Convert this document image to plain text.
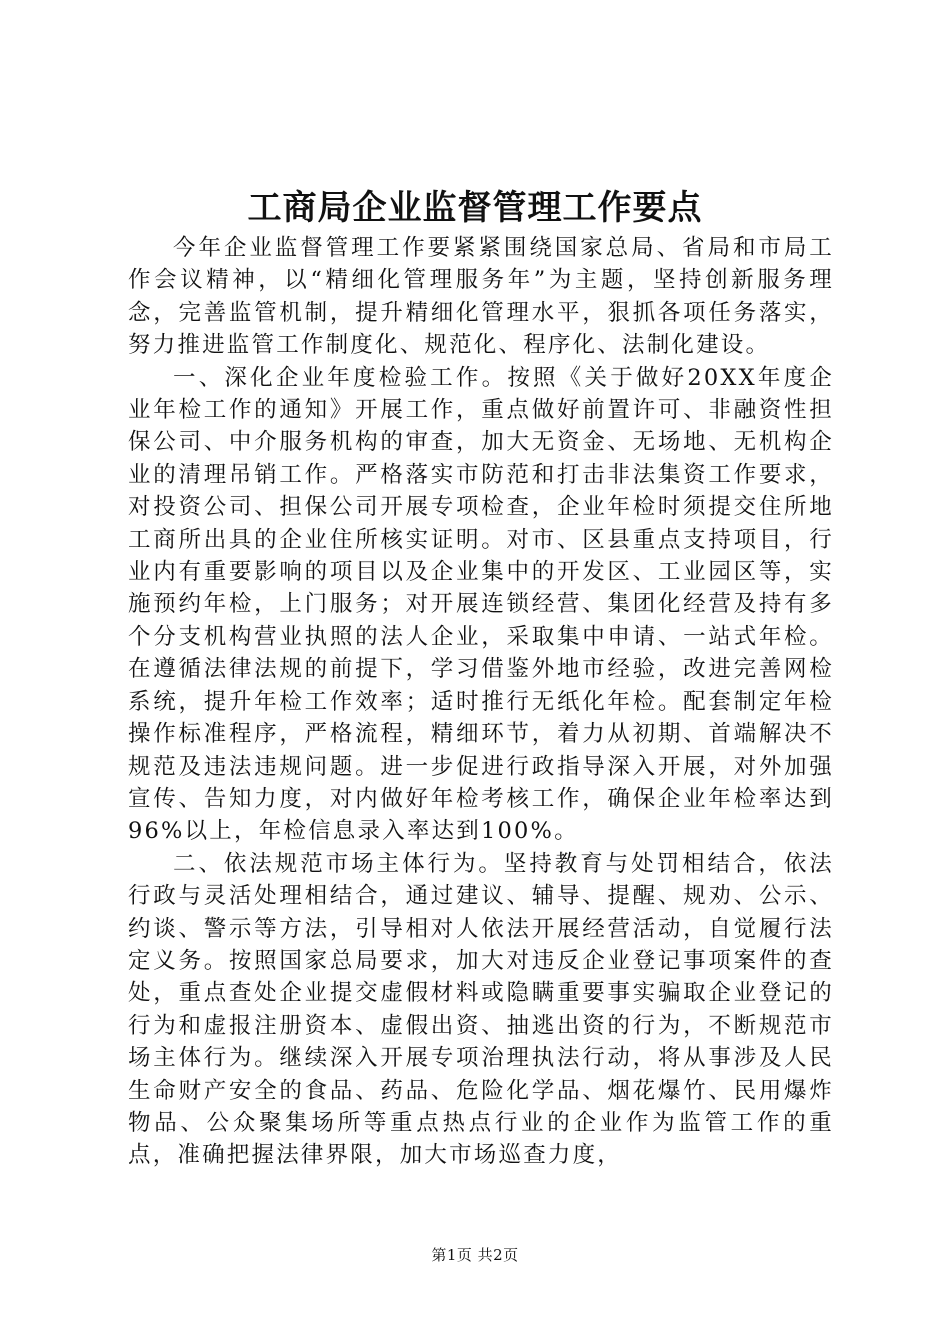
工商局企业监督管理工作要点

今年企业监督管理工作要紧紧围绕国家总局、省局和市局工作会议精神，以“精细化管理服务年”为主题，坚持创新服务理念，完善监管机制，提升精细化管理水平，狠抓各项任务落实，努力推进监管工作制度化、规范化、程序化、法制化建设。

一、深化企业年度检验工作。按照《关于做好20XX年度企业年检工作的通知》开展工作，重点做好前置许可、非融资性担保公司、中介服务机构的审查，加大无资金、无场地、无机构企业的清理吊销工作。严格落实市防范和打击非法集资工作要求，对投资公司、担保公司开展专项检查，企业年检时须提交住所地工商所出具的企业住所核实证明。对市、区县重点支持项目，行业内有重要影响的项目以及企业集中的开发区、工业园区等，实施预约年检，上门服务；对开展连锁经营、集团化经营及持有多个分支机构营业执照的法人企业，采取集中申请、一站式年检。在遵循法律法规的前提下，学习借鉴外地市经验，改进完善网检系统，提升年检工作效率；适时推行无纸化年检。配套制定年检操作标准程序，严格流程，精细环节，着力从初期、首端解决不规范及违法违规问题。进一步促进行政指导深入开展，对外加强宣传、告知力度，对内做好年检考核工作，确保企业年检率达到96%以上，年检信息录入率达到100%。

二、依法规范市场主体行为。坚持教育与处罚相结合，依法行政与灵活处理相结合，通过建议、辅导、提醒、规劝、公示、约谈、警示等方法，引导相对人依法开展经营活动，自觉履行法定义务。按照国家总局要求，加大对违反企业登记事项案件的查处，重点查处企业提交虚假材料或隐瞒重要事实骗取企业登记的行为和虚报注册资本、虚假出资、抽逃出资的行为，不断规范市场主体行为。继续深入开展专项治理执法行动，将从事涉及人民生命财产安全的食品、药品、危险化学品、烟花爆竹、民用爆炸物品、公众聚集场所等重点热点行业的企业作为监管工作的重点，准确把握法律界限，加大市场巡查力度，

第1页 共2页
